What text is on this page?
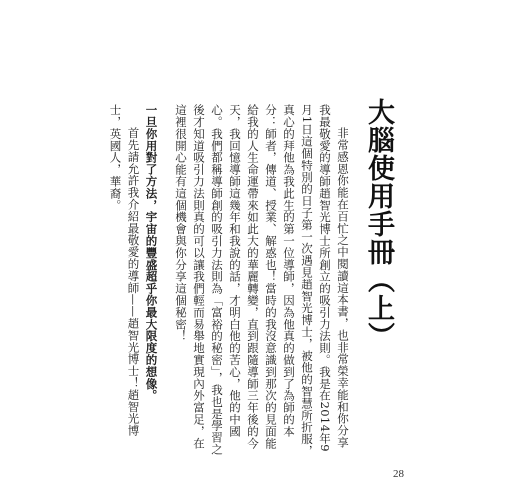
大腦使用手冊（上）

非常感恩你能在百忙之中閱讀這本書，也非常榮幸能和你分享我最敬愛的導師趙智光博士所創立的吸引力法則。我是在2014年9月1日這個特別的日子第一次遇見趙智光博士，被他的智慧所折服，真心的拜他為我此生的第一位導師，因為他真的做到了為師的本分：師者，傳道、授業、解惑也！當時的我沒意識到那次的見面能給我的人生命運帶來如此大的華麗轉變，直到跟隨導師三年後的今天，我回憶導師這幾年和我說的話，才明白他的苦心，他的中國心。我們都稱導師創的吸引力法則為「富裕的秘密」，我也是學習之後才知道吸引力法則真的可以讓我們輕而易舉地實現內外富足，在這裡很開心能有這個機會與你分享這個秘密！

一旦你用對了方法，宇宙的豐盛超乎你最大限度的想像。

首先請允許我介紹最敬愛的導師——趙智光博士！趙智光博士，英國人，華裔。

28
